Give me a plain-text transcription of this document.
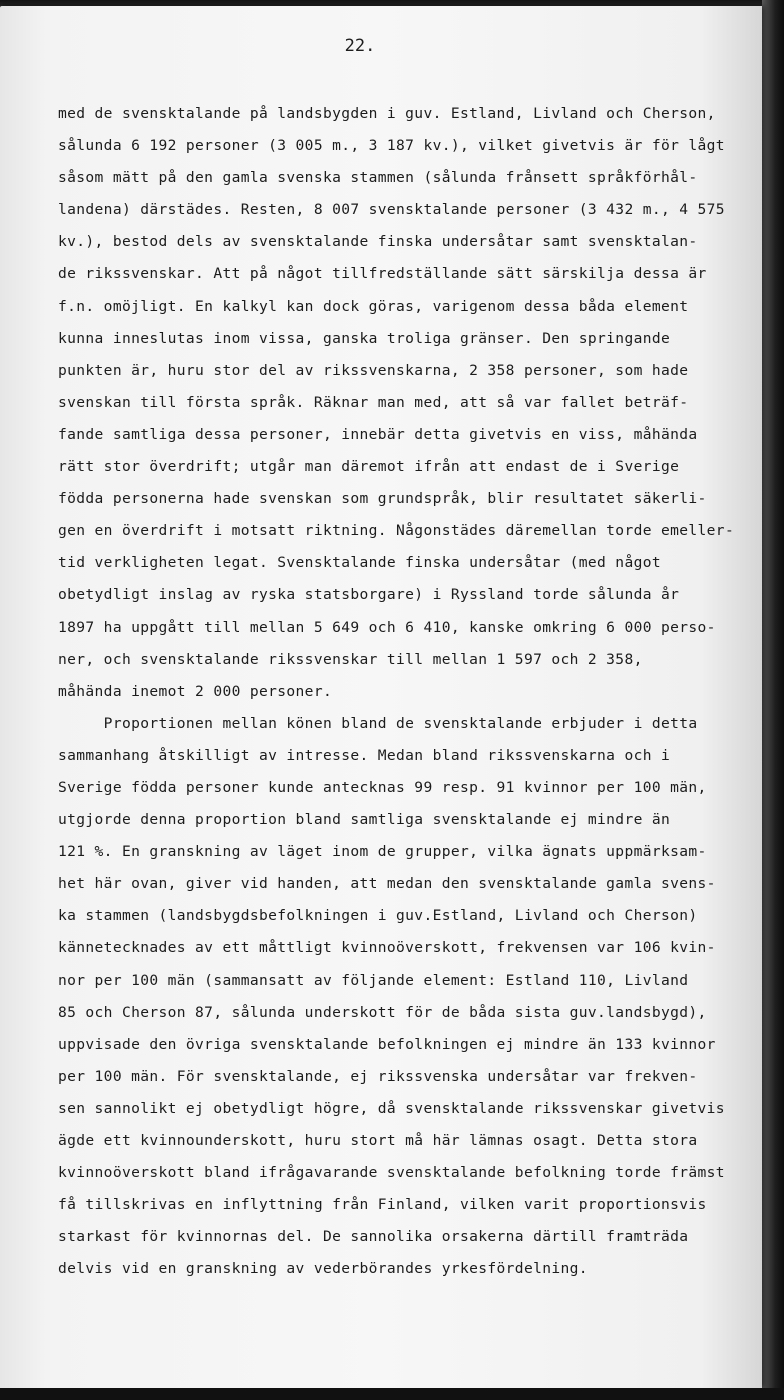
22.
med de svensktalande på landsbygden i guv. Estland, Livland och Cherson,
sålunda 6 192 personer (3 005 m., 3 187 kv.), vilket givetvis är för lågt
såsom mätt på den gamla svenska stammen (sålunda frånsett språkförhål-
landena) därstädes. Resten, 8 007 svensktalande personer (3 432 m., 4 575
kv.), bestod dels av svensktalande finska undersåtar samt svensktalan-
de rikssvenskar. Att på något tillfredställande sätt särskilja dessa är
f.n. omöjligt. En kalkyl kan dock göras, varigenom dessa båda element
kunna inneslutas inom vissa, ganska troliga gränser. Den springande
punkten är, huru stor del av rikssvenskarna, 2 358 personer, som hade
svenskan till första språk. Räknar man med, att så var fallet beträf-
fande samtliga dessa personer, innebär detta givetvis en viss, måhända
rätt stor överdrift; utgår man däremot ifrån att endast de i Sverige
födda personerna hade svenskan som grundspråk, blir resultatet säkerli-
gen en överdrift i motsatt riktning. Någonstädes däremellan torde emeller-
tid verkligheten legat. Svensktalande finska undersåtar (med något
obetydligt inslag av ryska statsborgare) i Ryssland torde sålunda år
1897 ha uppgått till mellan 5 649 och 6 410, kanske omkring 6 000 perso-
ner, och svensktalande rikssvenskar till mellan 1 597 och 2 358,
måhända inemot 2 000 personer.
Proportionen mellan könen bland de svensktalande erbjuder i detta
sammanhang åtskilligt av intresse. Medan bland rikssvenskarna och i
Sverige födda personer kunde antecknas 99 resp. 91 kvinnor per 100 män,
utgjorde denna proportion bland samtliga svensktalande ej mindre än
121 %. En granskning av läget inom de grupper, vilka ägnats uppmärksam-
het här ovan, giver vid handen, att medan den svensktalande gamla svens-
ka stammen (landsbygdsbefolkningen i guv.Estland, Livland och Cherson)
kännetecknades av ett måttligt kvinnoöverskott, frekvensen var 106 kvin-
nor per 100 män (sammansatt av följande element: Estland 110, Livland
85 och Cherson 87, sålunda underskott för de båda sista guv.landsbygd),
uppvisade den övriga svensktalande befolkningen ej mindre än 133 kvinnor
per 100 män. För svensktalande, ej rikssvenska undersåtar var frekven-
sen sannolikt ej obetydligt högre, då svensktalande rikssvenskar givetvis
ägde ett kvinnounderskott, huru stort må här lämnas osagt. Detta stora
kvinnoöverskott bland ifrågavarande svensktalande befolkning torde främst
få tillskrivas en inflyttning från Finland, vilken varit proportionsvis
starkast för kvinnornas del. De sannolika orsakerna därtill framträda
delvis vid en granskning av vederbörandes yrkesfördelning.
